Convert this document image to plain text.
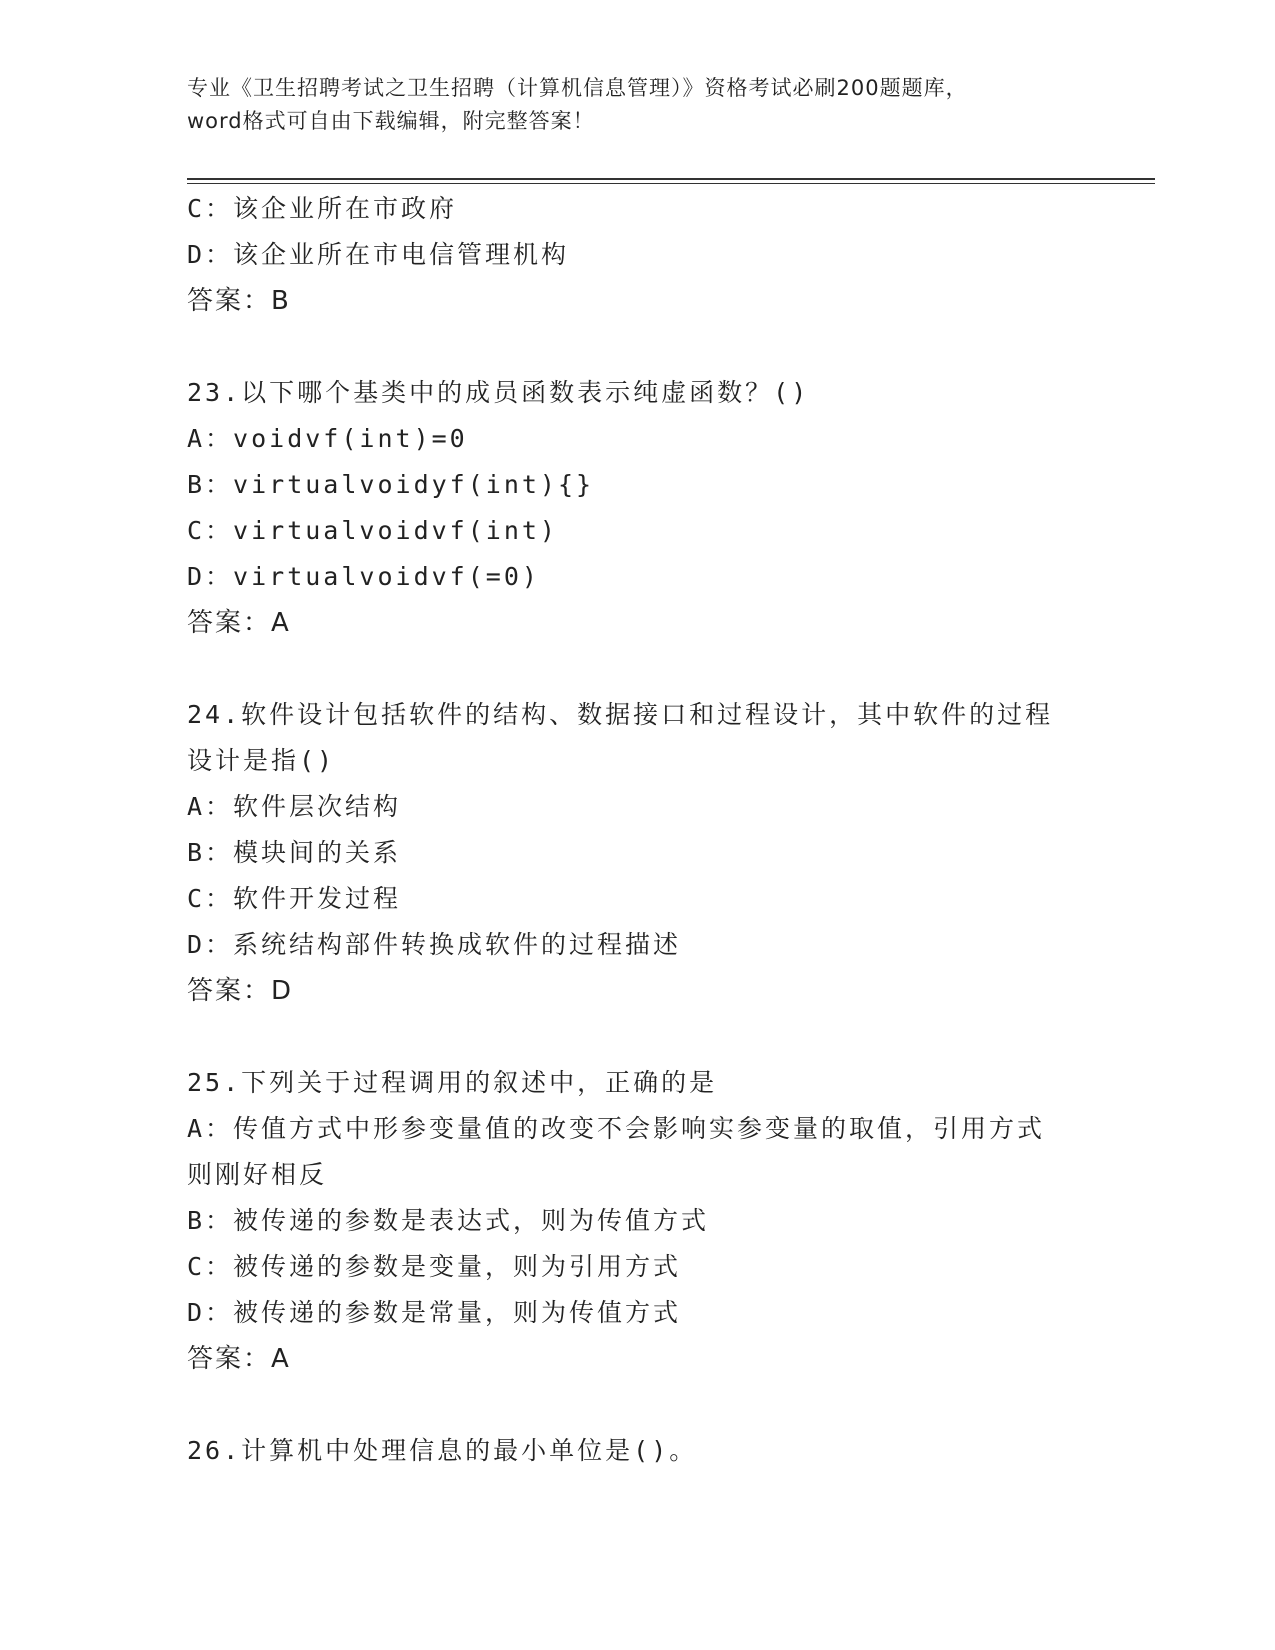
专业《卫生招聘考试之卫生招聘（计算机信息管理）》资格考试必刷200题题库，
word格式可自由下载编辑，附完整答案！
C：该企业所在市政府
D：该企业所在市电信管理机构
答案：B
23.以下哪个基类中的成员函数表示纯虚函数？()
A：voidvf(int)=0
B：virtualvoidyf(int){}
C：virtualvoidvf(int)
D：virtualvoidvf(=0)
答案：A
24.软件设计包括软件的结构、数据接口和过程设计，其中软件的过程
设计是指()
A：软件层次结构
B：模块间的关系
C：软件开发过程
D：系统结构部件转换成软件的过程描述
答案：D
25.下列关于过程调用的叙述中，正确的是
A：传值方式中形参变量值的改变不会影响实参变量的取值，引用方式
则刚好相反
B：被传递的参数是表达式，则为传值方式
C：被传递的参数是变量，则为引用方式
D：被传递的参数是常量，则为传值方式
答案：A
26.计算机中处理信息的最小单位是()。
